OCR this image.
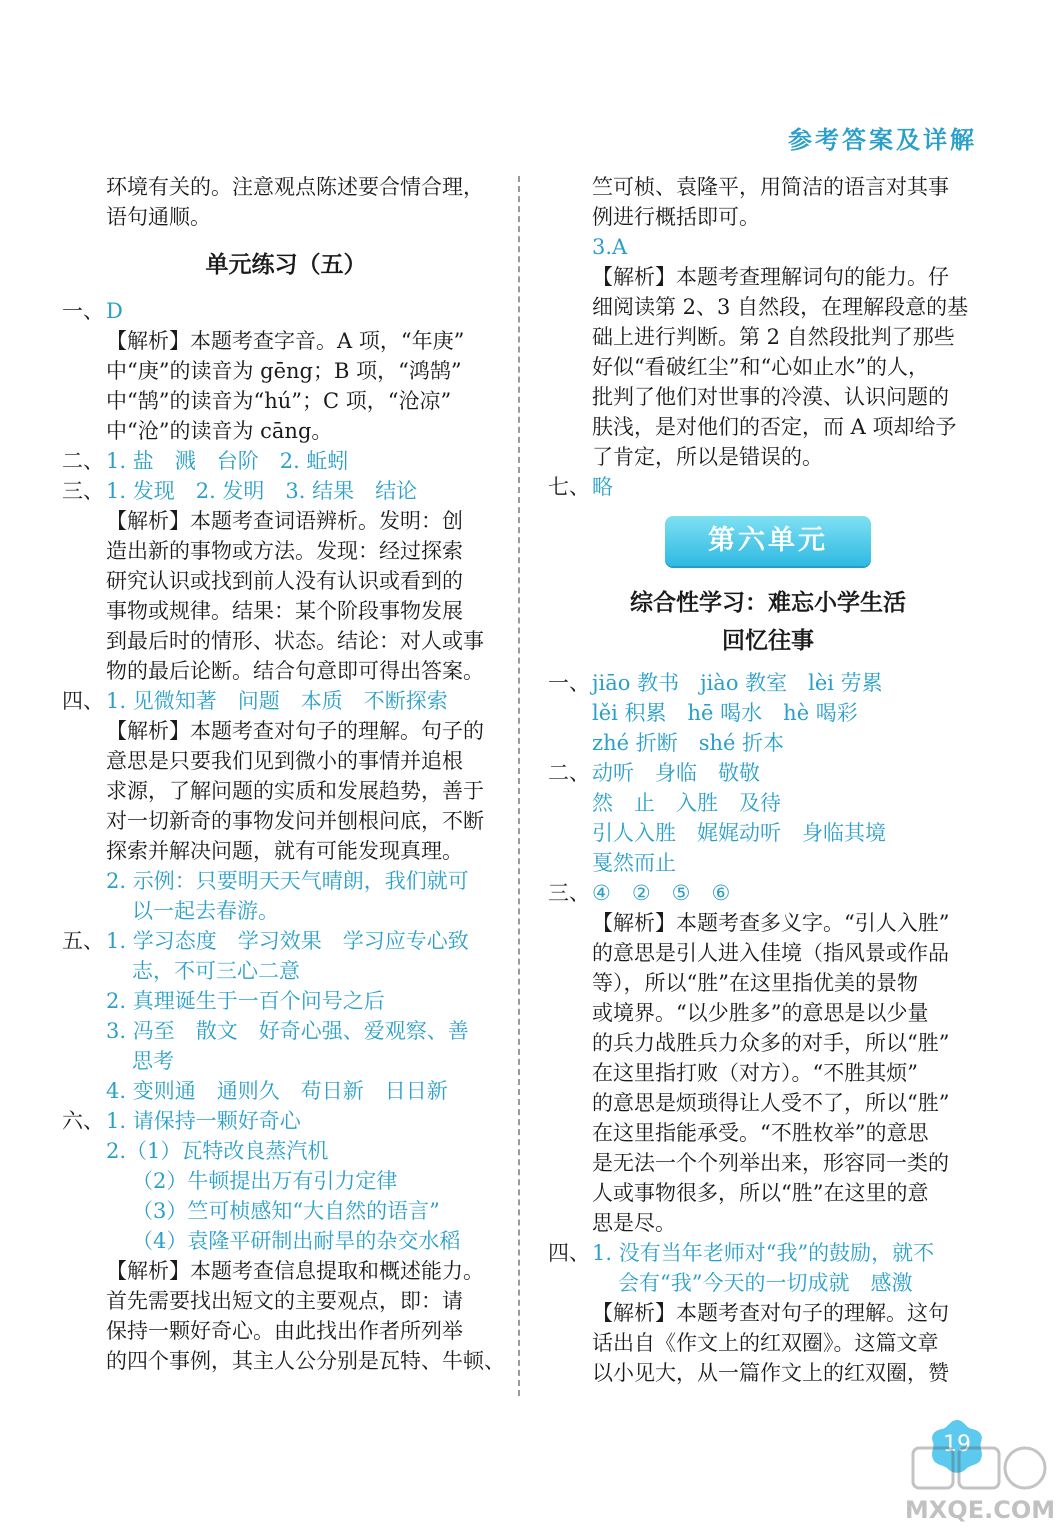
参考答案及详解
环境有关的。注意观点陈述要合情合理，
语句通顺。
单元练习（五）
一、D
【解析】本题考查字音。A 项，“年庚”
中“庚”的读音为 gēng；B 项，“鸿鹄”
中“鹄”的读音为“hú”；C 项，“沧凉”
中“沧”的读音为 cāng。
二、1. 盐　溅　台阶　2. 蚯蚓
三、1. 发现　2. 发明　3. 结果　结论
【解析】本题考查词语辨析。发明：创
造出新的事物或方法。发现：经过探索
研究认识或找到前人没有认识或看到的
事物或规律。结果：某个阶段事物发展
到最后时的情形、状态。结论：对人或事
物的最后论断。结合句意即可得出答案。
四、1. 见微知著　问题　本质　不断探索
【解析】本题考查对句子的理解。句子的
意思是只要我们见到微小的事情并追根
求源，了解问题的实质和发展趋势，善于
对一切新奇的事物发问并刨根问底，不断
探索并解决问题，就有可能发现真理。
2. 示例：只要明天天气晴朗，我们就可
以一起去春游。
五、1. 学习态度　学习效果　学习应专心致
志，不可三心二意
2. 真理诞生于一百个问号之后
3. 冯至　散文　好奇心强、爱观察、善
思考
4. 变则通　通则久　苟日新　日日新
六、1. 请保持一颗好奇心
2.（1）瓦特改良蒸汽机
（2）牛顿提出万有引力定律
（3）竺可桢感知“大自然的语言”
（4）袁隆平研制出耐旱的杂交水稻
【解析】本题考查信息提取和概述能力。
首先需要找出短文的主要观点，即：请
保持一颗好奇心。由此找出作者所列举
的四个事例，其主人公分别是瓦特、牛顿、
竺可桢、袁隆平，用简洁的语言对其事
例进行概括即可。
3.A
【解析】本题考查理解词句的能力。仔
细阅读第 2、3 自然段，在理解段意的基
础上进行判断。第 2 自然段批判了那些
好似“看破红尘”和“心如止水”的人，
批判了他们对世事的冷漠、认识问题的
肤浅，是对他们的否定，而 A 项却给予
了肯定，所以是错误的。
七、略
第六单元
综合性学习：难忘小学生活
回忆往事
一、jiāo 教书　jiào 教室　lèi 劳累
lěi 积累　hē 喝水　hè 喝彩
zhé 折断　shé 折本
二、动听　身临　敬敬
然　止　入胜　及待
引人入胜　娓娓动听　身临其境
戛然而止
三、④　②　⑤　⑥
【解析】本题考查多义字。“引人入胜”
的意思是引人进入佳境（指风景或作品
等），所以“胜”在这里指优美的景物
或境界。“以少胜多”的意思是以少量
的兵力战胜兵力众多的对手，所以“胜”
在这里指打败（对方）。“不胜其烦”
的意思是烦琐得让人受不了，所以“胜”
在这里指能承受。“不胜枚举”的意思
是无法一个个列举出来，形容同一类的
人或事物很多，所以“胜”在这里的意
思是尽。
四、1. 没有当年老师对“我”的鼓励，就不
会有“我”今天的一切成就　感激
【解析】本题考查对句子的理解。这句
话出自《作文上的红双圈》。这篇文章
以小见大，从一篇作文上的红双圈，赞
19
MXQE.COM
